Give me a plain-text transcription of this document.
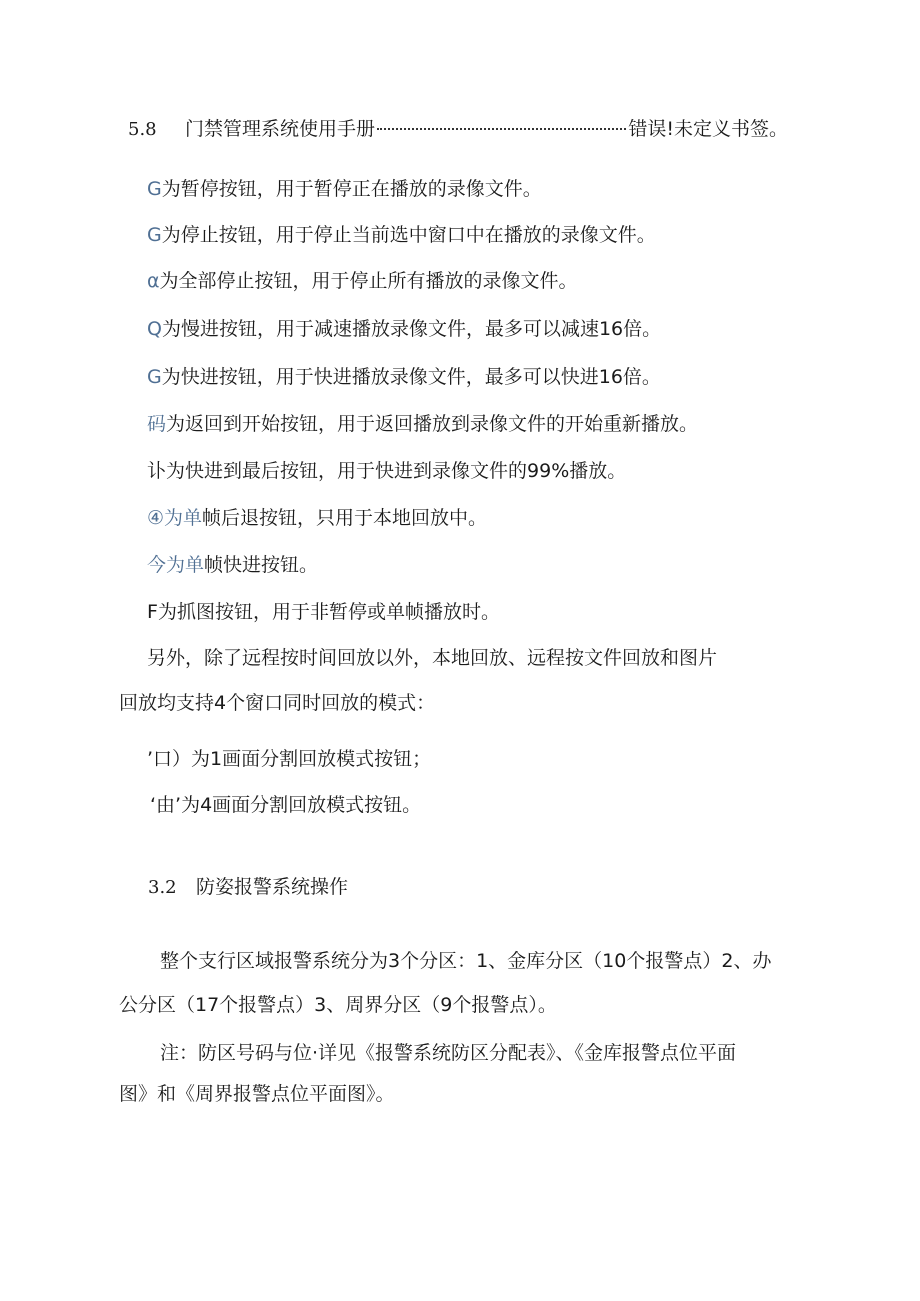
5.8	门禁管理系统使用手册	错误!未定义书签。

G为暂停按钮，用于暂停正在播放的录像文件。

G为停止按钮，用于停止当前选中窗口中在播放的录像文件。

α为全部停止按钮，用于停止所有播放的录像文件。

Q为慢进按钮，用于减速播放录像文件，最多可以减速16倍。

G为快进按钮，用于快进播放录像文件，最多可以快进16倍。

码为返回到开始按钮，用于返回播放到录像文件的开始重新播放。

讣为快进到最后按钮，用于快进到录像文件的99%播放。

④为单帧后退按钮，只用于本地回放中。

今为单帧快进按钮。

F为抓图按钮，用于非暂停或单帧播放时。

另外，除了远程按时间回放以外，本地回放、远程按文件回放和图片

回放均支持4个窗口同时回放的模式：

’口）为1画面分割回放模式按钮；

‘由’为4画面分割回放模式按钮。

3.2 防姿报警系统操作

整个支行区域报警系统分为3个分区：1、金库分区（10个报警点）2、办

公分区（17个报警点）3、周界分区（9个报警点）。

注：防区号码与位·详见《报警系统防区分配表》、《金库报警点位平面

图》和《周界报警点位平面图》。
